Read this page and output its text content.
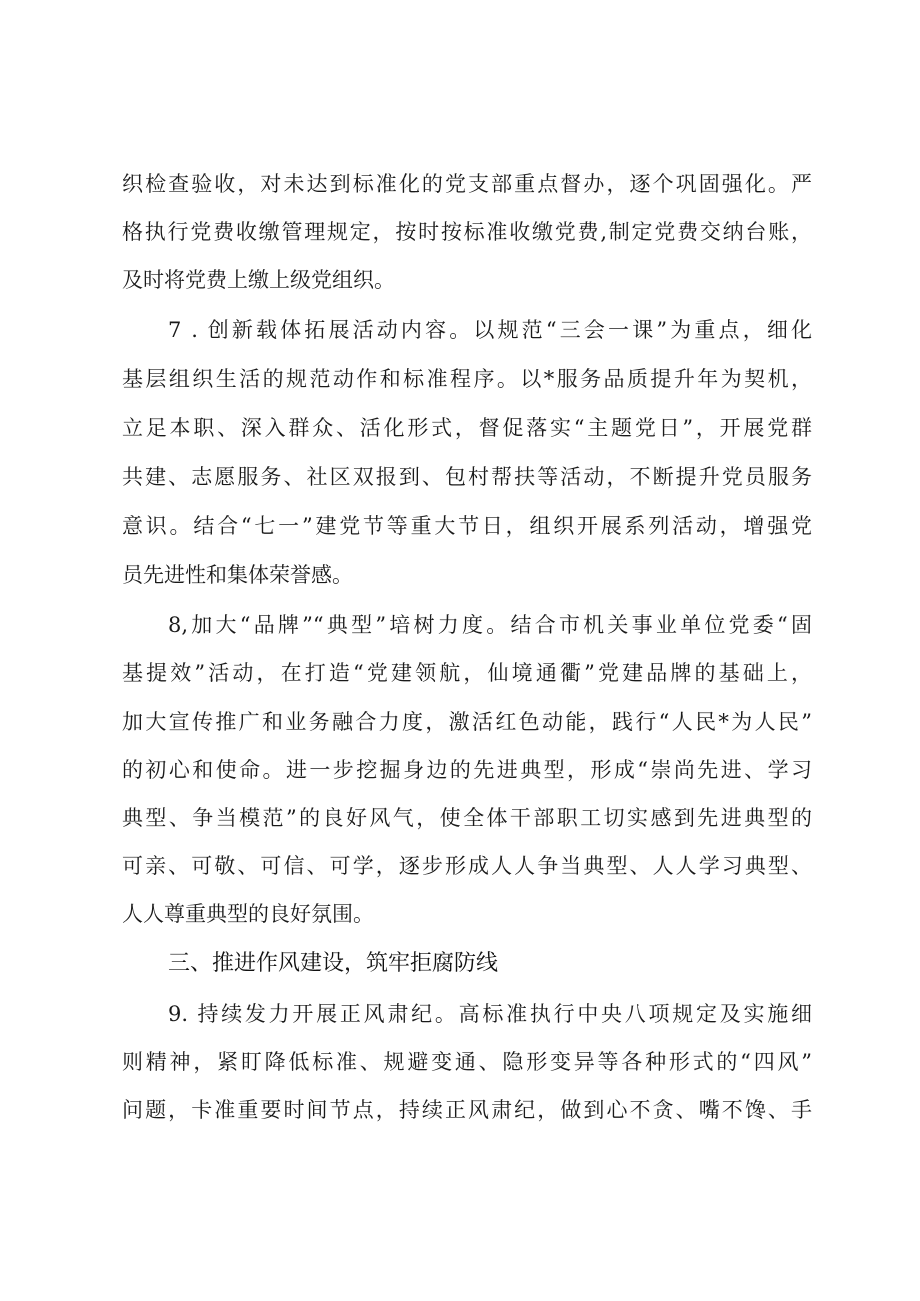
织检查验收，对未达到标准化的党支部重点督办，逐个巩固强化。严
格执行党费收缴管理规定，按时按标准收缴党费,制定党费交纳台账，
及时将党费上缴上级党组织。
7 . 创新载体拓展活动内容。以规范“三会一课”为重点，细化
基层组织生活的规范动作和标准程序。以*服务品质提升年为契机，
立足本职、深入群众、活化形式，督促落实“主题党日”，开展党群
共建、志愿服务、社区双报到、包村帮扶等活动，不断提升党员服务
意识。结合“七一”建党节等重大节日，组织开展系列活动，增强党
员先进性和集体荣誉感。
8,加大“品牌”“典型”培树力度。结合市机关事业单位党委“固
基提效”活动，在打造“党建领航，仙境通衢”党建品牌的基础上，
加大宣传推广和业务融合力度，激活红色动能，践行“人民*为人民”
的初心和使命。进一步挖掘身边的先进典型，形成“崇尚先进、学习
典型、争当模范”的良好风气，使全体干部职工切实感到先进典型的
可亲、可敬、可信、可学，逐步形成人人争当典型、人人学习典型、
人人尊重典型的良好氛围。
三、推进作风建设，筑牢拒腐防线
9. 持续发力开展正风肃纪。高标准执行中央八项规定及实施细
则精神，紧盯降低标准、规避变通、隐形变异等各种形式的“四风”
问题，卡准重要时间节点，持续正风肃纪，做到心不贪、嘴不馋、手
